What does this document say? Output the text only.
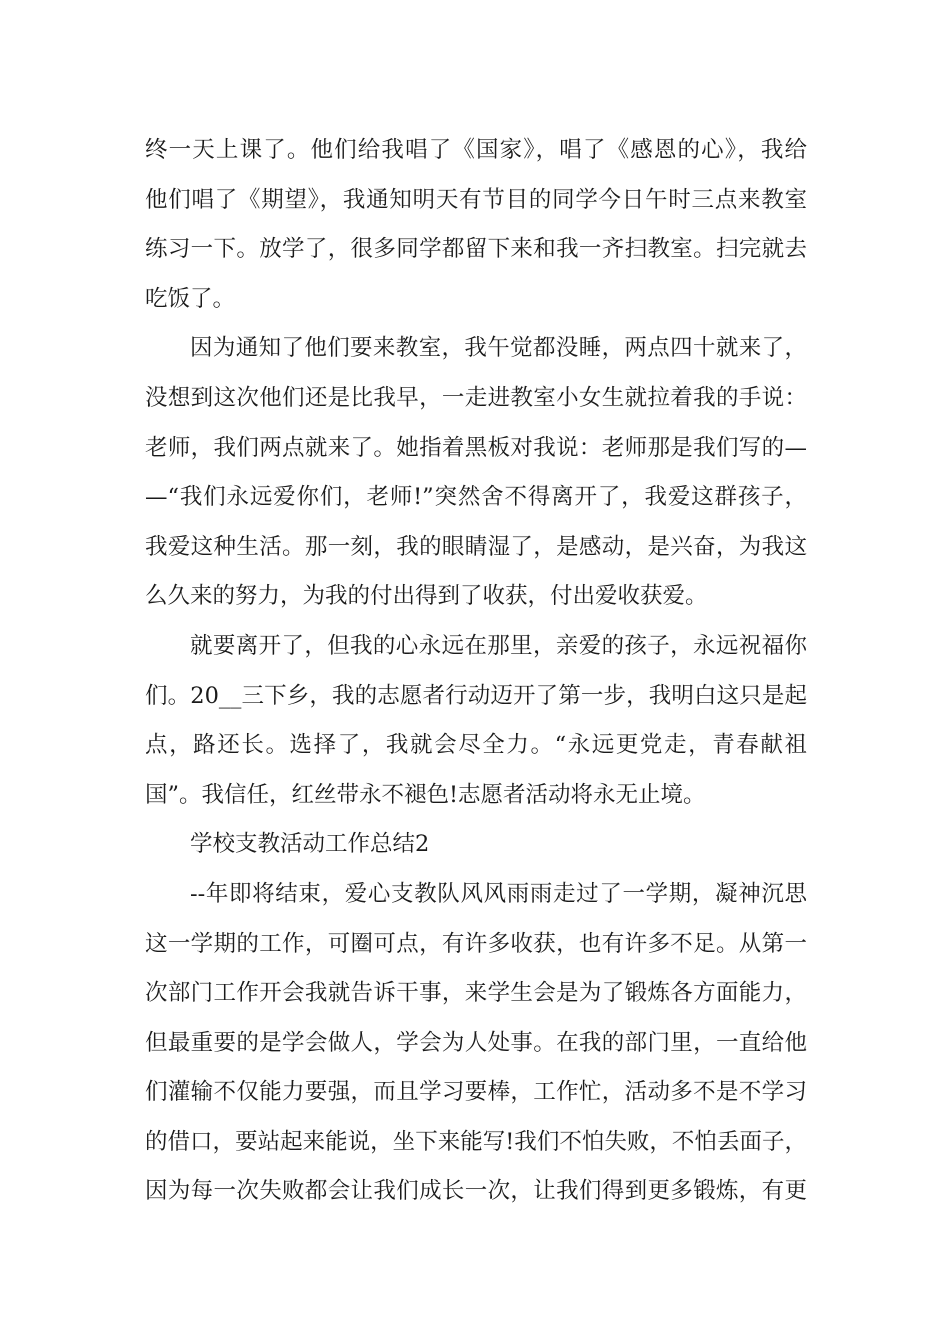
终一天上课了。他们给我唱了《国家》，唱了《感恩的心》，我给
他们唱了《期望》，我通知明天有节目的同学今日午时三点来教室
练习一下。放学了，很多同学都留下来和我一齐扫教室。扫完就去
吃饭了。
因为通知了他们要来教室，我午觉都没睡，两点四十就来了，
没想到这次他们还是比我早，一走进教室小女生就拉着我的手说：
老师，我们两点就来了。她指着黑板对我说：老师那是我们写的—
—“我们永远爱你们，老师!”突然舍不得离开了，我爱这群孩子，
我爱这种生活。那一刻，我的眼睛湿了，是感动，是兴奋，为我这
么久来的努力，为我的付出得到了收获，付出爱收获爱。
就要离开了，但我的心永远在那里，亲爱的孩子，永远祝福你
们。20__三下乡，我的志愿者行动迈开了第一步，我明白这只是起
点，路还长。选择了，我就会尽全力。“永远更党走，青春献祖
国”。我信任，红丝带永不褪色!志愿者活动将永无止境。
学校支教活动工作总结2
--年即将结束，爱心支教队风风雨雨走过了一学期，凝神沉思
这一学期的工作，可圈可点，有许多收获，也有许多不足。从第一
次部门工作开会我就告诉干事，来学生会是为了锻炼各方面能力，
但最重要的是学会做人，学会为人处事。在我的部门里，一直给他
们灌输不仅能力要强，而且学习要棒，工作忙，活动多不是不学习
的借口，要站起来能说，坐下来能写!我们不怕失败，不怕丢面子，
因为每一次失败都会让我们成长一次，让我们得到更多锻炼，有更
